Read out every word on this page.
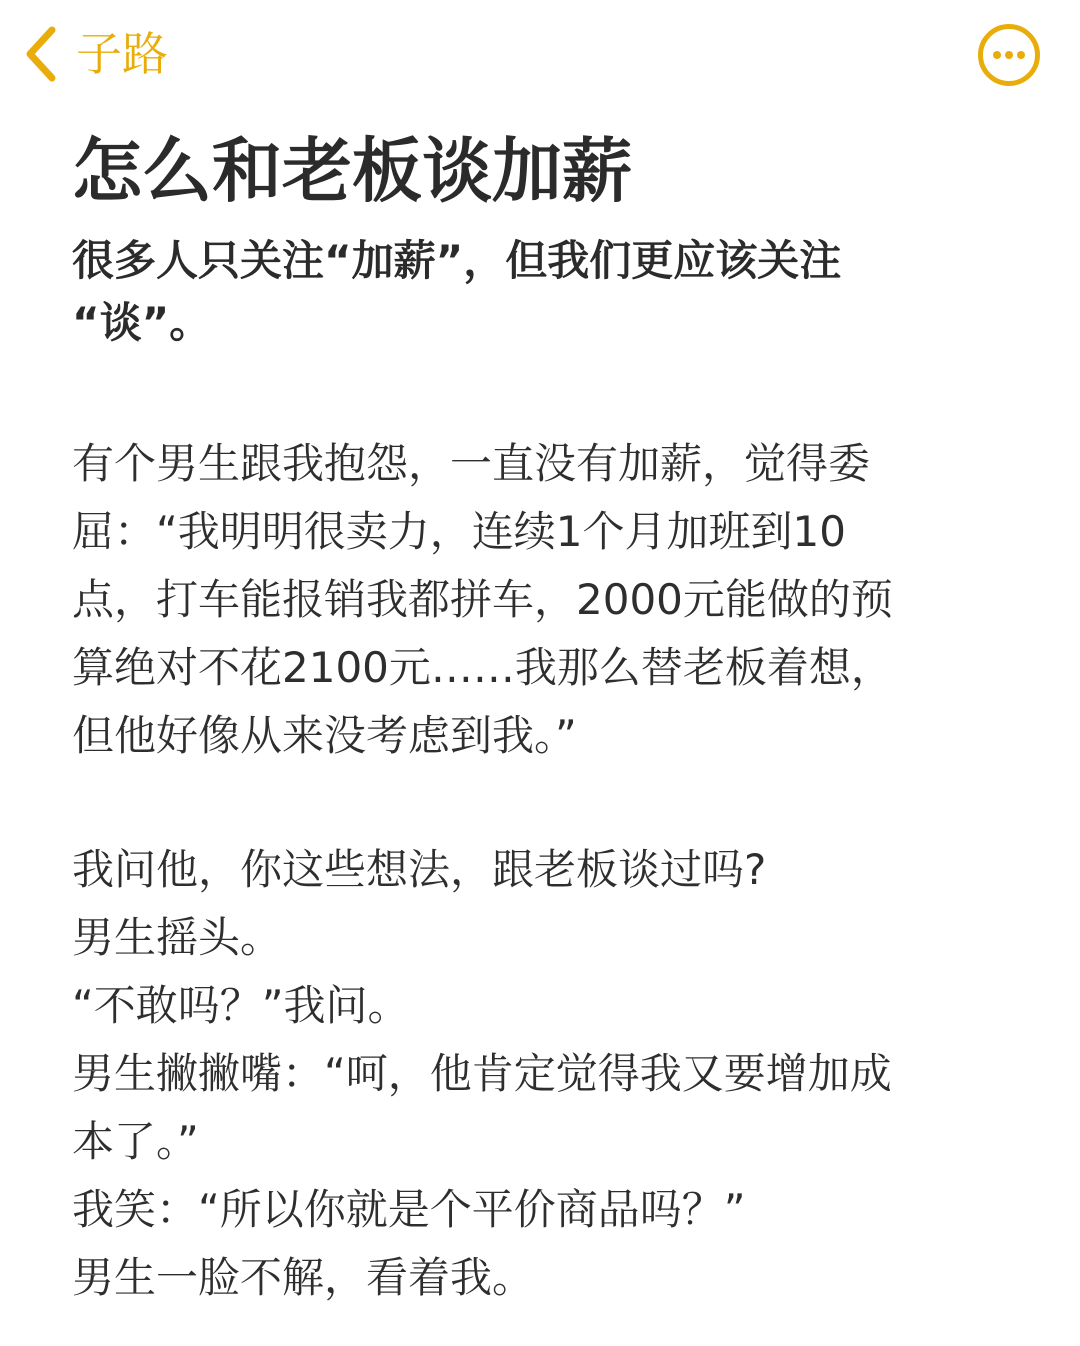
子路
怎么和老板谈加薪
很多人只关注“加薪”，但我们更应该关注
“谈”。
有个男生跟我抱怨，一直没有加薪，觉得委
屈：“我明明很卖力，连续1个月加班到10
点，打车能报销我都拼车，2000元能做的预
算绝对不花2100元……我那么替老板着想，
但他好像从来没考虑到我。”
我问他，你这些想法，跟老板谈过吗?
男生摇头。
“不敢吗？”我问。
男生撇撇嘴：“呵，他肯定觉得我又要增加成
本了。”
我笑：“所以你就是个平价商品吗？”
男生一脸不解，看着我。
